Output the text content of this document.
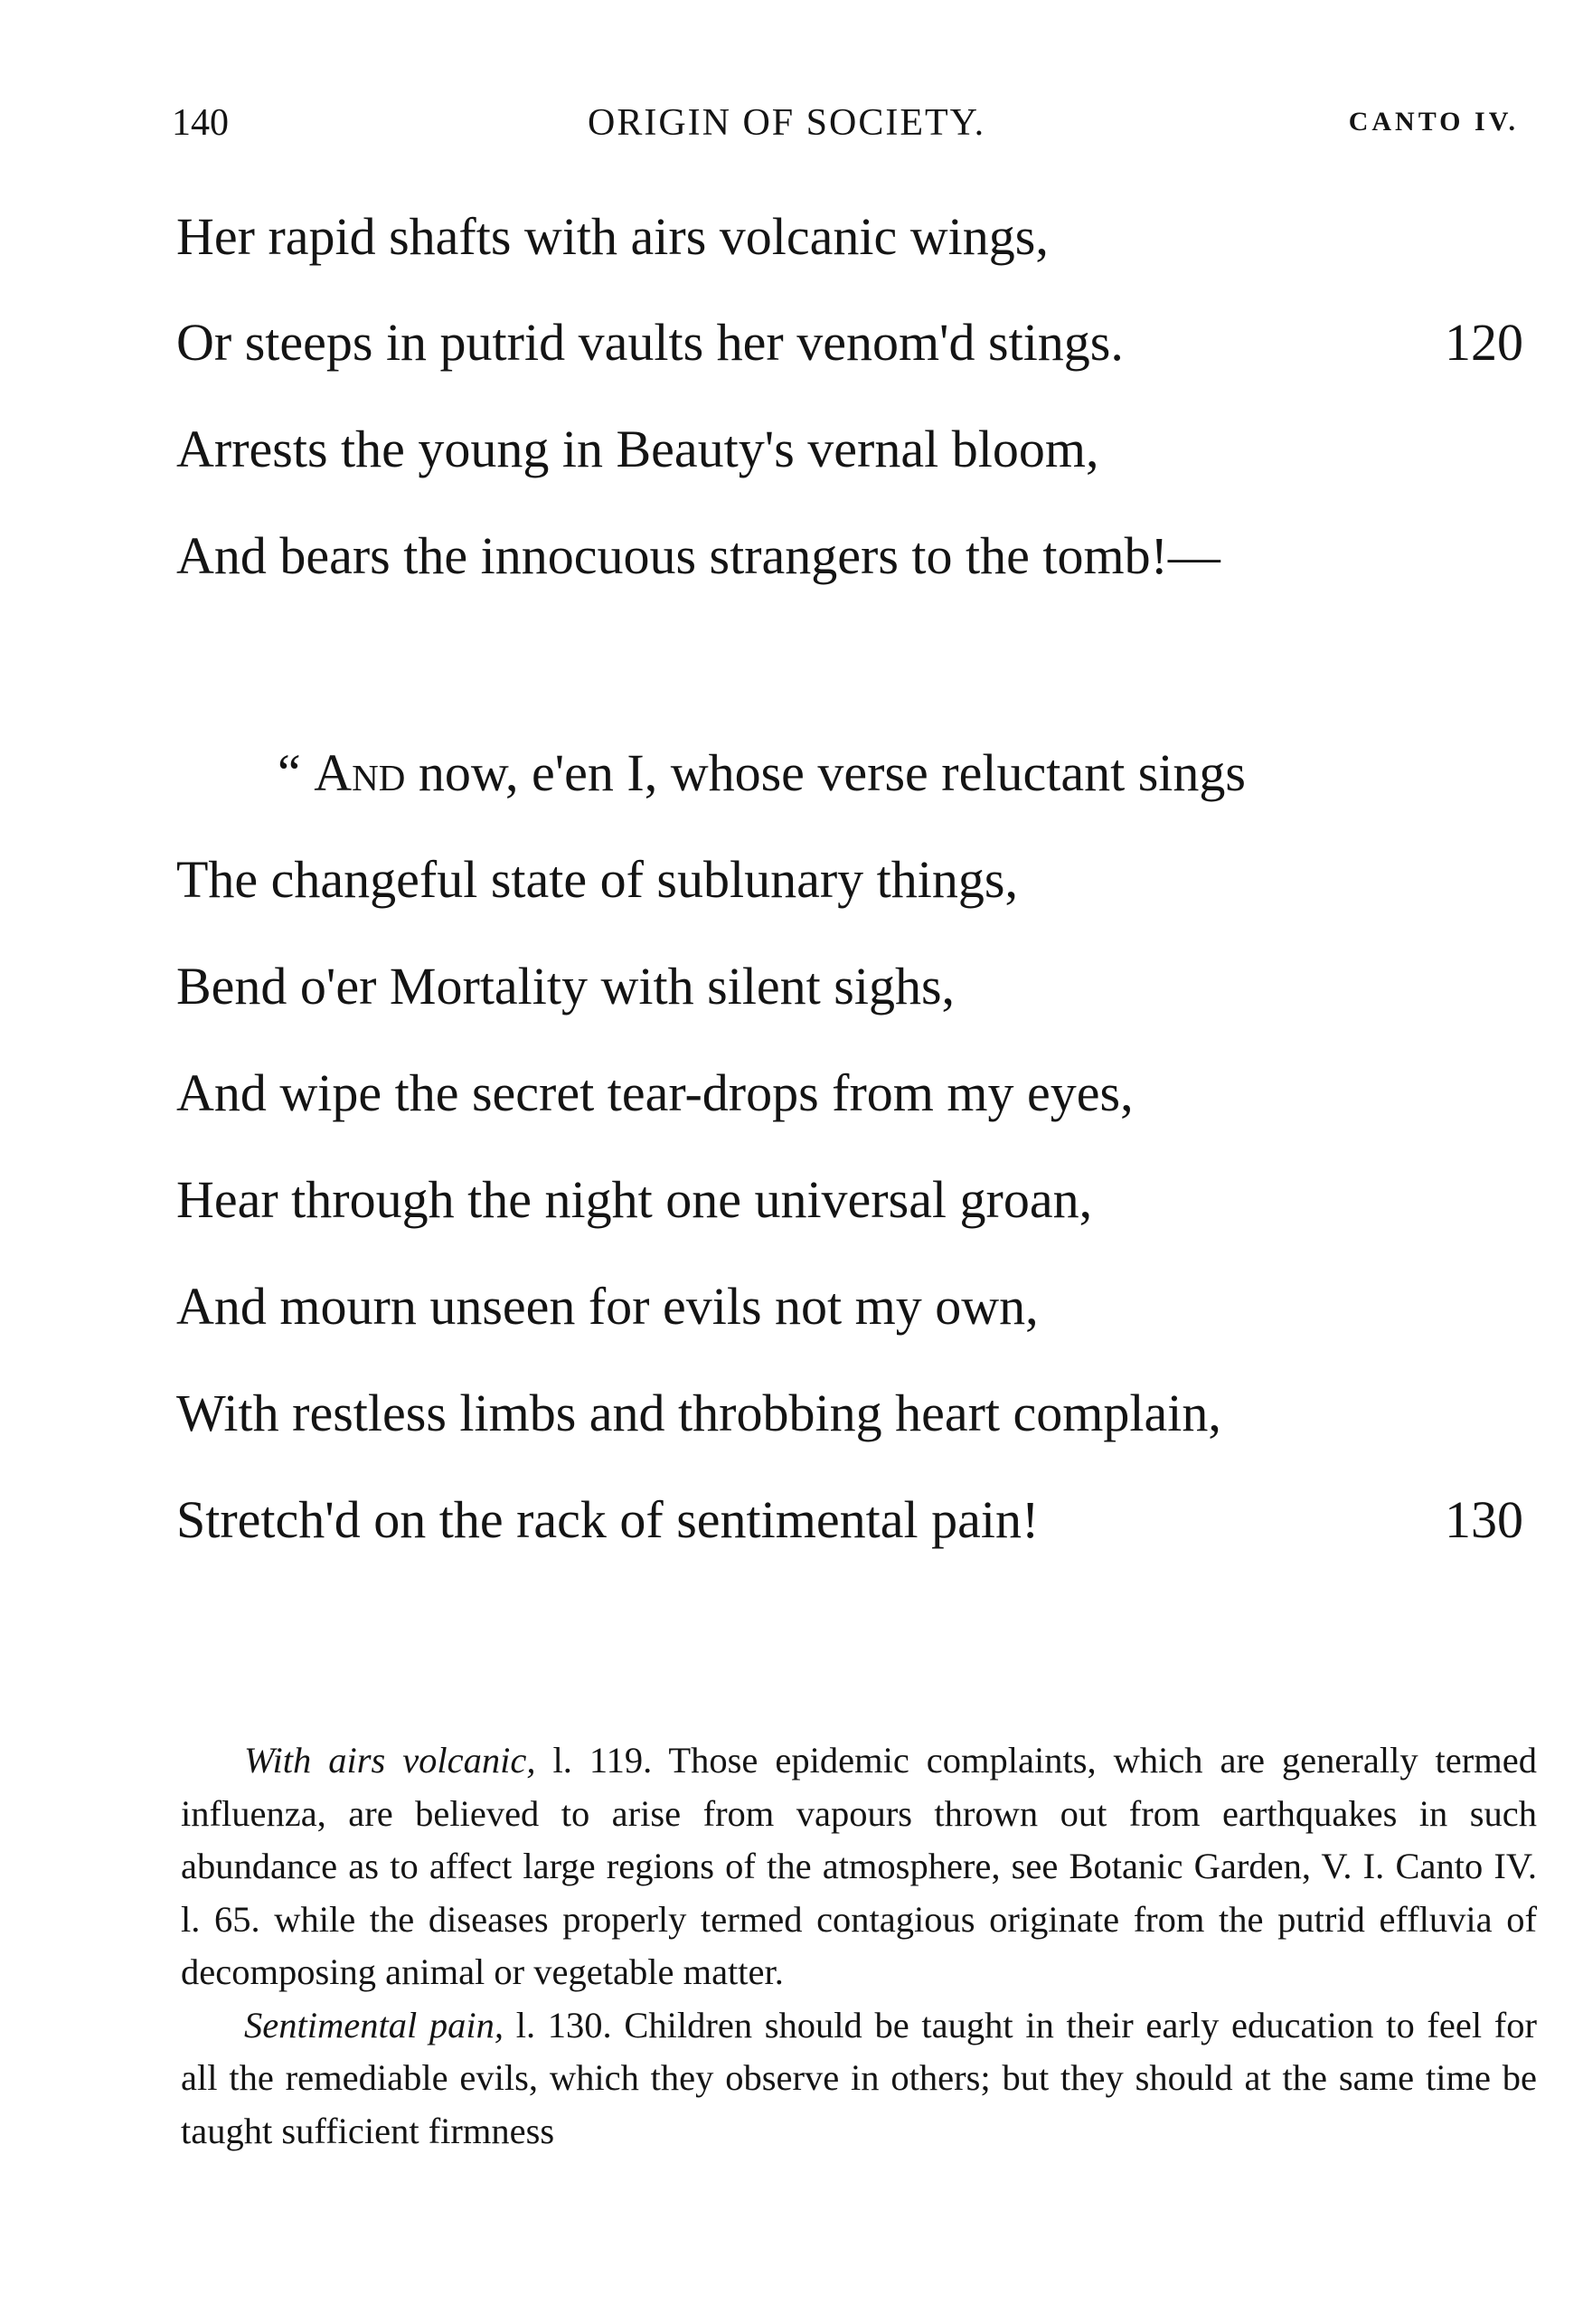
140	ORIGIN OF SOCIETY.	CANTO IV.
Her rapid shafts with airs volcanic wings,
Or steeps in putrid vaults her venom'd stings.	120
Arrests the young in Beauty's vernal bloom,
And bears the innocuous strangers to the tomb!—
“ And now, e'en I, whose verse reluctant sings
The changeful state of sublunary things,
Bend o'er Mortality with silent sighs,
And wipe the secret tear-drops from my eyes,
Hear through the night one universal groan,
And mourn unseen for evils not my own,
With restless limbs and throbbing heart complain,
Stretch'd on the rack of sentimental pain!	130

With airs volcanic, l. 119. Those epidemic complaints, which are generally termed influenza, are believed to arise from vapours thrown out from earthquakes in such abundance as to affect large regions of the atmosphere, see Botanic Garden, V. I. Canto IV. l. 65. while the diseases properly termed contagious originate from the putrid effluvia of decomposing animal or vegetable matter.

Sentimental pain, l. 130. Children should be taught in their early education to feel for all the remediable evils, which they observe in others; but they should at the same time be taught sufficient firmness
